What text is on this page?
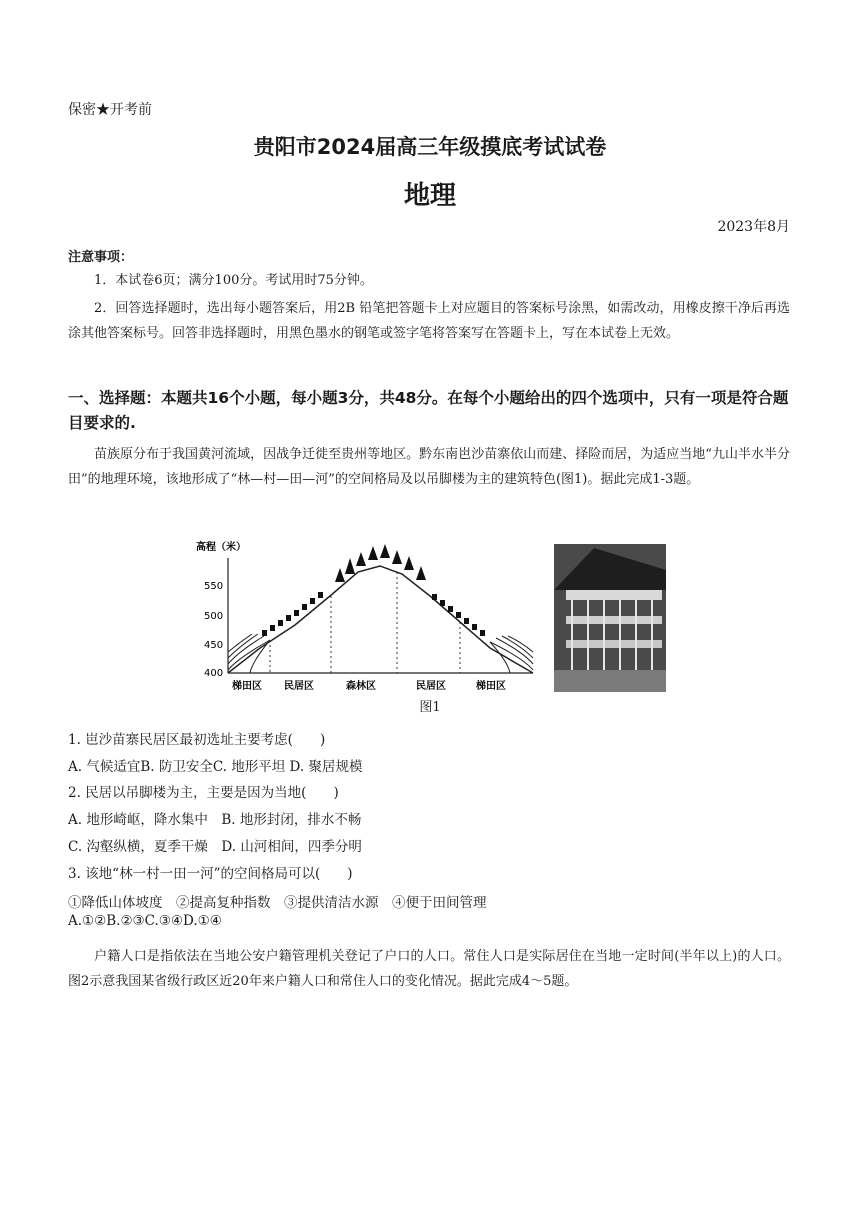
保密★开考前
贵阳市2024届高三年级摸底考试试卷
地理
2023年8月
注意事项：
1．本试卷6页；满分100分。考试用时75分钟。
2．回答选择题时，选出每小题答案后，用2B 铅笔把答题卡上对应题目的答案标号涂黑，如需改动，用橡皮擦干净后再选涂其他答案标号。回答非选择题时，用黑色墨水的钢笔或签字笔将答案写在答题卡上，写在本试卷上无效。
一、选择题：本题共16个小题，每小题3分，共48分。在每个小题给出的四个选项中，只有一项是符合题目要求的.
苗族原分布于我国黄河流域，因战争迁徙至贵州等地区。黔东南岜沙苗寨依山而建、择险而居，为适应当地“九山半水半分田”的地理环境，该地形成了“林—村—田—河”的空间格局及以吊脚楼为主的建筑特色(图1)。据此完成1-3题。
高程（米）
550
500
450
400
梯田区 民居区	森林区	民居区	梯田区
图1
1. 岜沙苗寨民居区最初选址主要考虑(　　)
A. 气候适宜B. 防卫安全C. 地形平坦 D. 聚居规模
2. 民居以吊脚楼为主，主要是因为当地(　　)
A. 地形崎岖，降水集中　B. 地形封闭，排水不畅
C. 沟壑纵横，夏季干燥　D. 山河相间，四季分明
3. 该地“林一村一田一河”的空间格局可以(　　)
①降低山体坡度　②提高复种指数　③提供清洁水源　④便于田间管理
A.①②B.②③C.③④D.①④
户籍人口是指依法在当地公安户籍管理机关登记了户口的人口。常住人口是实际居住在当地一定时间(半年以上)的人口。图2示意我国某省级行政区近20年来户籍人口和常住人口的变化情况。据此完成4～5题。
